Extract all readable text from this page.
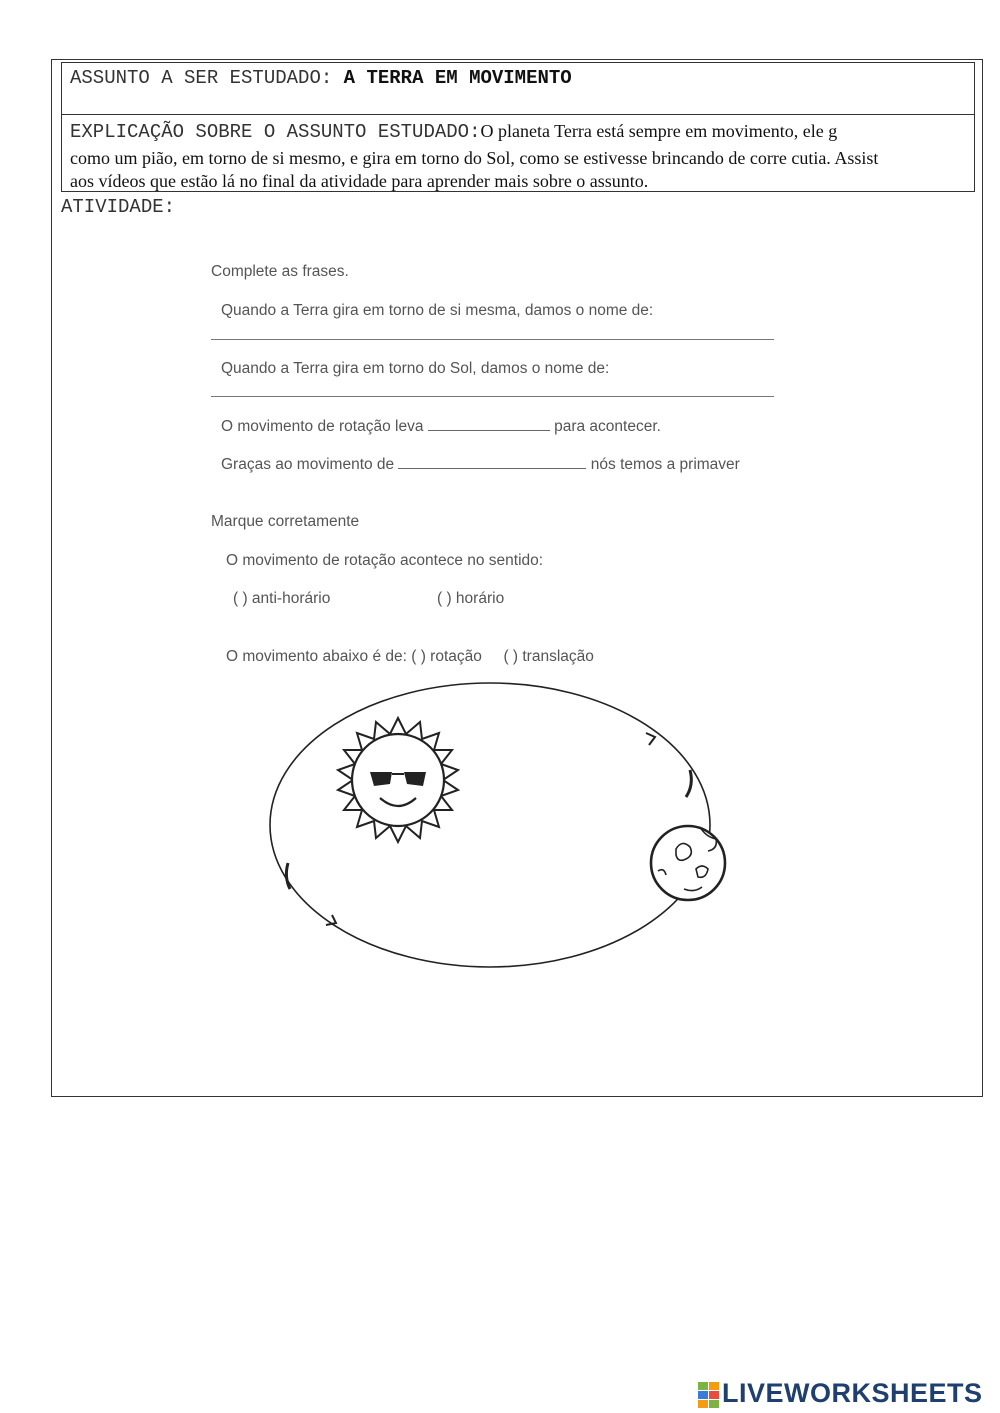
ASSUNTO A SER ESTUDADO: A TERRA EM MOVIMENTO
EXPLICAÇÃO SOBRE O ASSUNTO ESTUDADO:O planeta Terra está sempre em movimento, ele g
como um pião, em torno de si mesmo, e gira em torno do Sol, como se estivesse brincando de corre cutia. Assist
aos vídeos que estão lá no final da atividade para aprender mais sobre o assunto.
ATIVIDADE:
Complete as frases.
Quando a Terra gira em torno de si mesma, damos o nome de:
Quando a Terra gira em torno do Sol, damos o nome de:
O movimento de rotação leva	para acontecer.
Graças ao movimento de	nós temos a primaver
Marque corretamente
O movimento de rotação acontece no sentido:
( ) anti-horário	( ) horário
O movimento abaixo é de: ( ) rotação ( ) translação
LIVEWORKSHEETS
